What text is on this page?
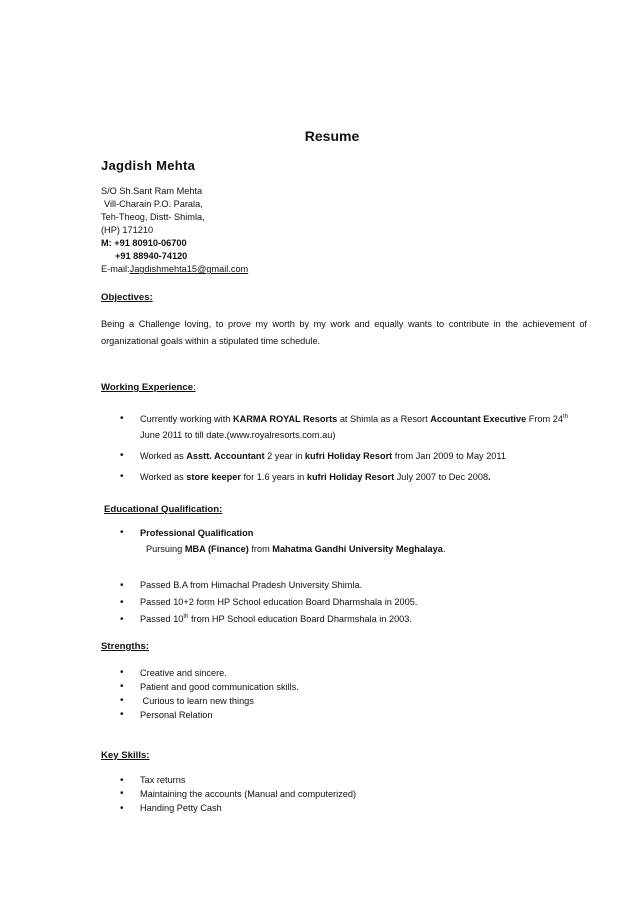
Resume
Jagdish Mehta
S/O Sh.Sant Ram Mehta
Vill-Charain P.O. Parala,
Teh-Theog, Distt- Shimla,
(HP) 171210
M: +91 80910-06700
+91 88940-74120
E-mail:Jagdishmehta15@gmail.com
Objectives:
Being a Challenge loving, to prove my worth by my work and equally wants to contribute in the achievement of organizational goals within a stipulated time schedule.
Working Experience:
• Currently working with KARMA ROYAL Resorts at Shimla as a Resort Accountant Executive From 24th June 2011 to till date.(www.royalresorts.com.au)
• Worked as Asstt. Accountant 2 year in kufri Holiday Resort from Jan 2009 to May 2011
• Worked as store keeper for 1.6 years in kufri Holiday Resort July 2007 to Dec 2008.
Educational Qualification:
• Professional Qualification
Pursuing MBA (Finance) from Mahatma Gandhi University Meghalaya.
• Passed B.A from Himachal Pradesh University Shimla.
• Passed 10+2 form HP School education Board Dharmshala in 2005.
• Passed 10th from HP School education Board Dharmshala in 2003.
Strengths:
• Creative and sincere.
• Patient and good communication skills.
•  Curious to learn new things
• Personal Relation
Key Skills:
• Tax returns
• Maintaining the accounts (Manual and computerized)
• Handing Petty Cash
